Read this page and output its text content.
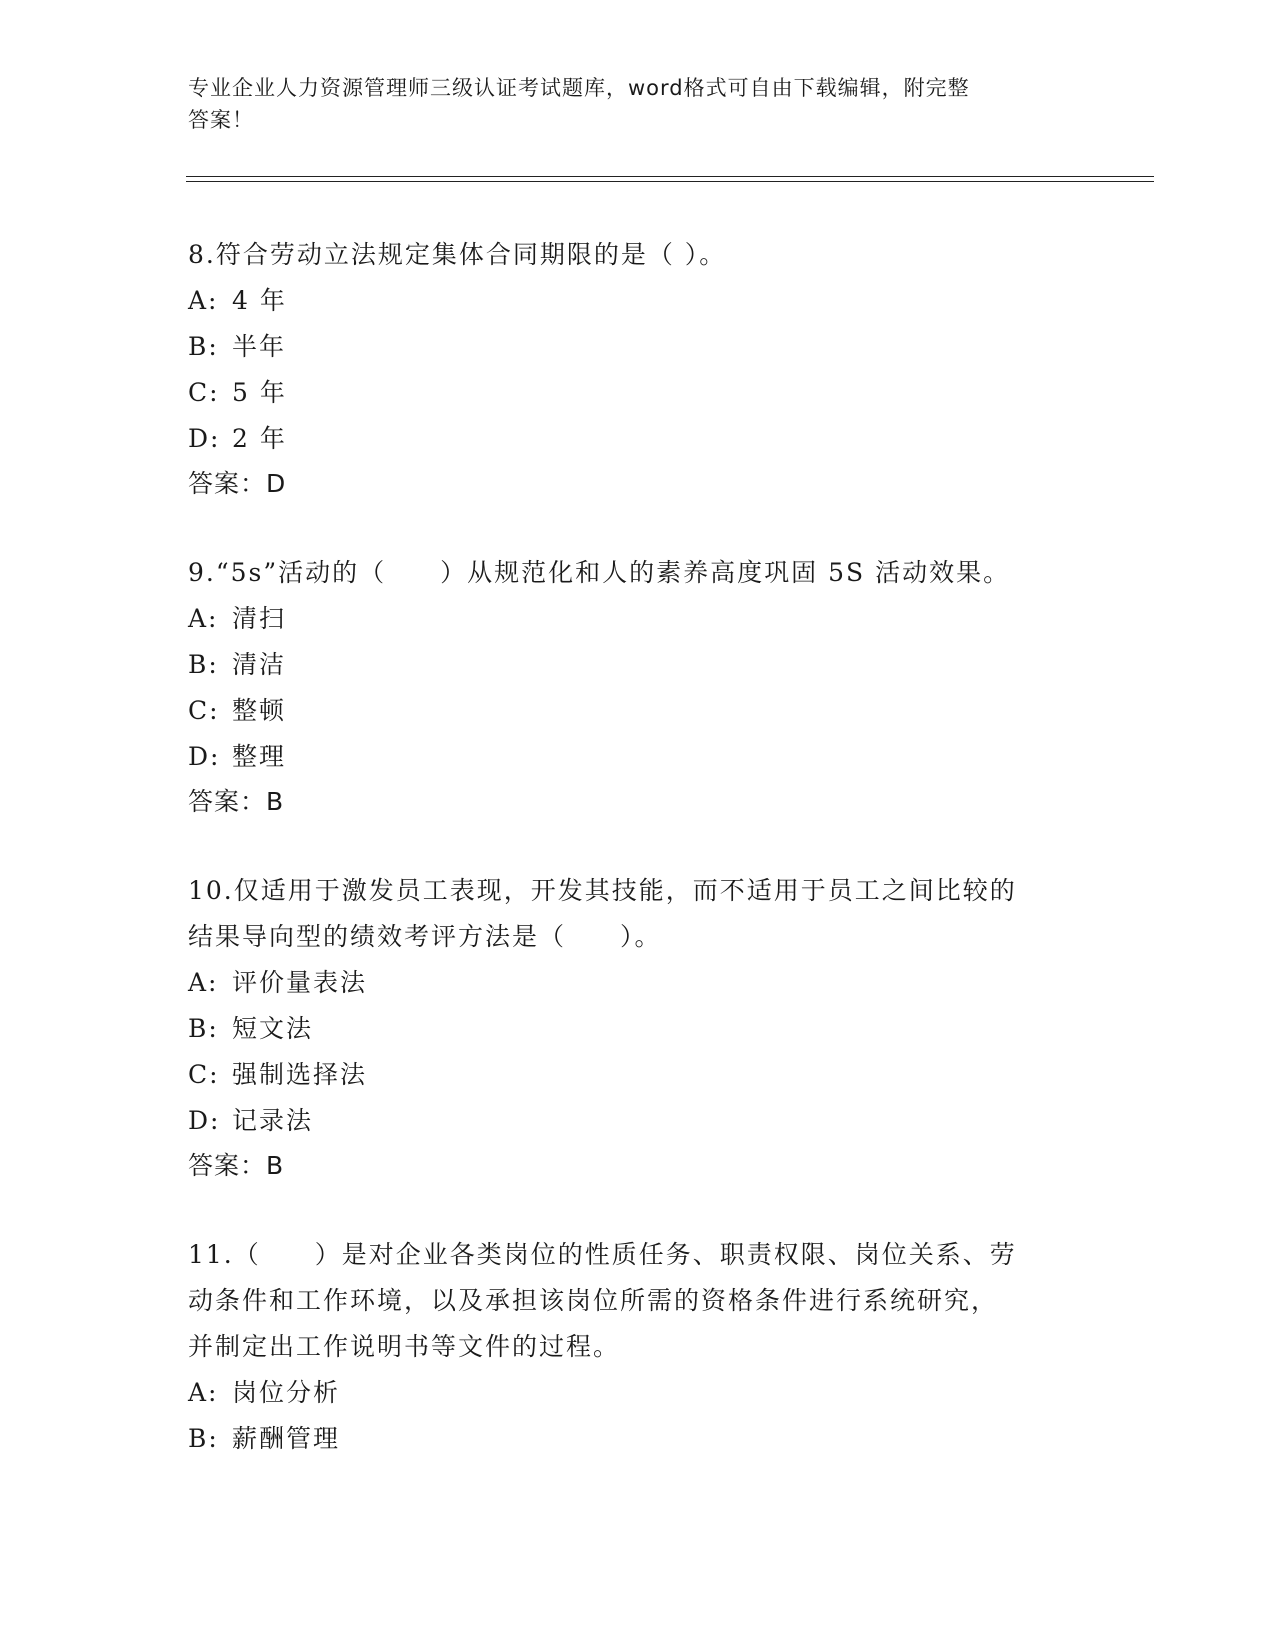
专业企业人力资源管理师三级认证考试题库，word格式可自由下载编辑，附完整
答案！

8.符合劳动立法规定集体合同期限的是（ ）。

A: 4 年

B: 半年

C: 5 年

D: 2 年

答案：D

9.“5s”活动的（　　）从规范化和人的素养高度巩固 5S 活动效果。

A: 清扫

B: 清洁

C: 整顿

D: 整理

答案：B

10.仅适用于激发员工表现，开发其技能，而不适用于员工之间比较的

结果导向型的绩效考评方法是（　　）。

A: 评价量表法

B: 短文法

C: 强制选择法

D: 记录法

答案：B

11.（　　）是对企业各类岗位的性质任务、职责权限、岗位关系、劳

动条件和工作环境，以及承担该岗位所需的资格条件进行系统研究，

并制定出工作说明书等文件的过程。

A: 岗位分析

B: 薪酬管理
